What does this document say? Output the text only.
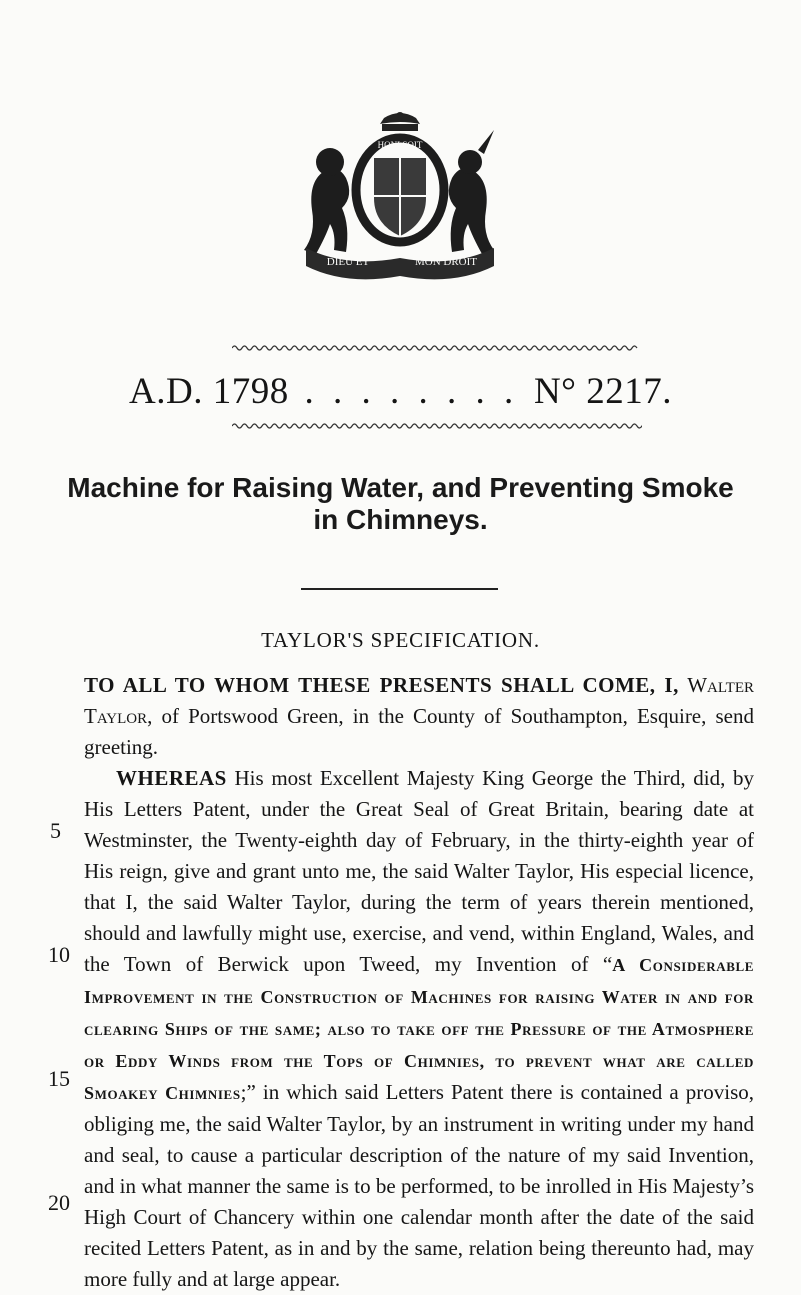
HONI SOIT
DIEU ET	MON DROIT
A.D. 1798 . . . . . . . . N° 2217.
Machine for Raising Water, and Preventing Smoke
in Chimneys.
TAYLOR'S SPECIFICATION.

TO ALL TO WHOM THESE PRESENTS SHALL COME, I, Walter Taylor, of Portswood Green, in the County of Southampton, Esquire, send greeting.

WHEREAS His most Excellent Majesty King George the Third, did, by His Letters Patent, under the Great Seal of Great Britain, bearing date at Westminster, the Twenty-eighth day of February, in the thirty-eighth year of His reign, give and grant unto me, the said Walter Taylor, His especial licence, that I, the said Walter Taylor, during the term of years therein mentioned, should and lawfully might use, exercise, and vend, within England, Wales, and the Town of Berwick upon Tweed, my Invention of “A Considerable Improvement in the Construction of Machines for raising Water in and for clearing Ships of the same; also to take off the Pressure of the Atmosphere or Eddy Winds from the Tops of Chimnies, to prevent what are called Smoakey Chimnies;” in which said Letters Patent there is contained a proviso, obliging me, the said Walter Taylor, by an instrument in writing under my hand and seal, to cause a particular description of the nature of my said Invention, and in what manner the same is to be performed, to be inrolled in His Majesty’s High Court of Chancery within one calendar month after the date of the said recited Letters Patent, as in and by the same, relation being thereunto had, may more fully and at large appear.

5
10
15
20
